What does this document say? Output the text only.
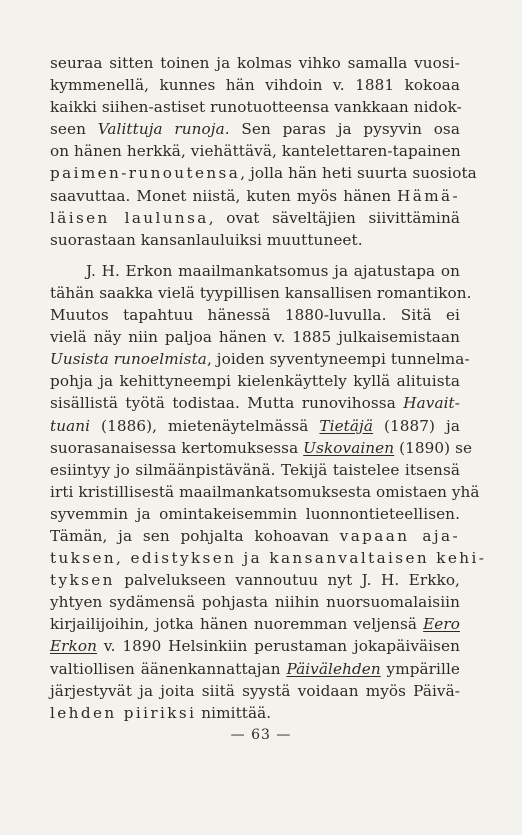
seuraa sitten toinen ja kolmas vihko samalla vuosi-
kymmenellä, kunnes hän vihdoin v. 1881 kokoaa
kaikki siihen-astiset runotuotteensa vankkaan nidok-
seen Valittuja runoja. Sen paras ja pysyvin osa
on hänen herkkä, viehättävä, kantelettaren-tapainen
paimen-runoutensa, jolla hän heti suurta suosiota
saavuttaa. Monet niistä, kuten myös hänen Hämä-
läisen laulunsa, ovat säveltäjien siivittäminä
suorastaan kansanlauluiksi muuttuneet.
J. H. Erkon maailmankatsomus ja ajatustapa on
tähän saakka vielä tyypillisen kansallisen romantikon.
Muutos tapahtuu hänessä 1880-luvulla. Sitä ei
vielä näy niin paljoa hänen v. 1885 julkaisemistaan
Uusista runoelmista, joiden syventyneempi tunnelma-
pohja ja kehittyneempi kielenkäyttely kyllä alituista
sisällistä työtä todistaa. Mutta runovihossa Havait-
tuani (1886), mietenäytelmässä Tietäjä (1887) ja
suorasanaisessa kertomuksessa Uskovainen (1890) se
esiintyy jo silmäänpistävänä. Tekijä taistelee itsensä
irti kristillisestä maailmankatsomuksesta omistaen yhä
syvemmin ja omintakeisemmin luonnontieteellisen.
Tämän, ja sen pohjalta kohoavan vapaan aja-
tuksen, edistyksen ja kansanvaltaisen kehi-
tyksen palvelukseen vannoutuu nyt J. H. Erkko,
yhtyen sydämensä pohjasta niihin nuorsuomalaisiin
kirjailijoihin, jotka hänen nuoremman veljensä Eero
Erkon v. 1890 Helsinkiin perustaman jokapäiväisen
valtiollisen äänenkannattajan Päivälehden ympärille
järjestyvät ja joita siitä syystä voidaan myös Päivä-
lehden piiriksi nimittää.
— 63 —
